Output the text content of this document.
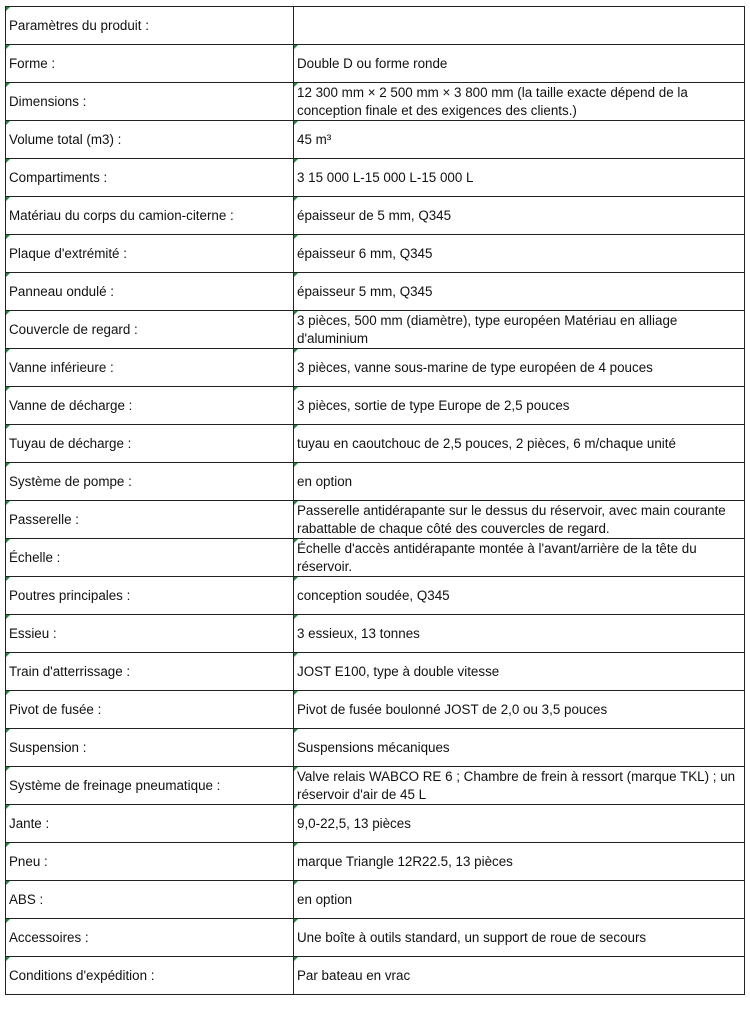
Paramètres du produit :	

Forme :	Double D ou forme ronde

Dimensions :	12 300 mm × 2 500 mm × 3 800 mm (la taille exacte dépend de la conception finale et des exigences des clients.)

Volume total (m3) :	45 m³

Compartiments :	3 15 000 L-15 000 L-15 000 L

Matériau du corps du camion-citerne :	épaisseur de 5 mm, Q345

Plaque d'extrémité :	épaisseur 6 mm, Q345

Panneau ondulé :	épaisseur 5 mm, Q345

Couvercle de regard :	3 pièces, 500 mm (diamètre), type européen Matériau en alliage d'aluminium

Vanne inférieure :	3 pièces, vanne sous-marine de type européen de 4 pouces

Vanne de décharge :	3 pièces, sortie de type Europe de 2,5 pouces

Tuyau de décharge :	tuyau en caoutchouc de 2,5 pouces, 2 pièces, 6 m/chaque unité

Système de pompe :	en option

Passerelle :	Passerelle antidérapante sur le dessus du réservoir, avec main courante rabattable de chaque côté des couvercles de regard.

Échelle :	Échelle d'accès antidérapante montée à l'avant/arrière de la tête du réservoir.

Poutres principales :	conception soudée, Q345

Essieu :	3 essieux, 13 tonnes

Train d'atterrissage :	JOST E100, type à double vitesse

Pivot de fusée :	Pivot de fusée boulonné JOST de 2,0 ou 3,5 pouces

Suspension :	Suspensions mécaniques

Système de freinage pneumatique :	Valve relais WABCO RE 6 ; Chambre de frein à ressort (marque TKL) ; un réservoir d'air de 45 L

Jante :	9,0-22,5, 13 pièces

Pneu :	marque Triangle 12R22.5, 13 pièces

ABS :	en option

Accessoires :	Une boîte à outils standard, un support de roue de secours

Conditions d'expédition :	Par bateau en vrac
